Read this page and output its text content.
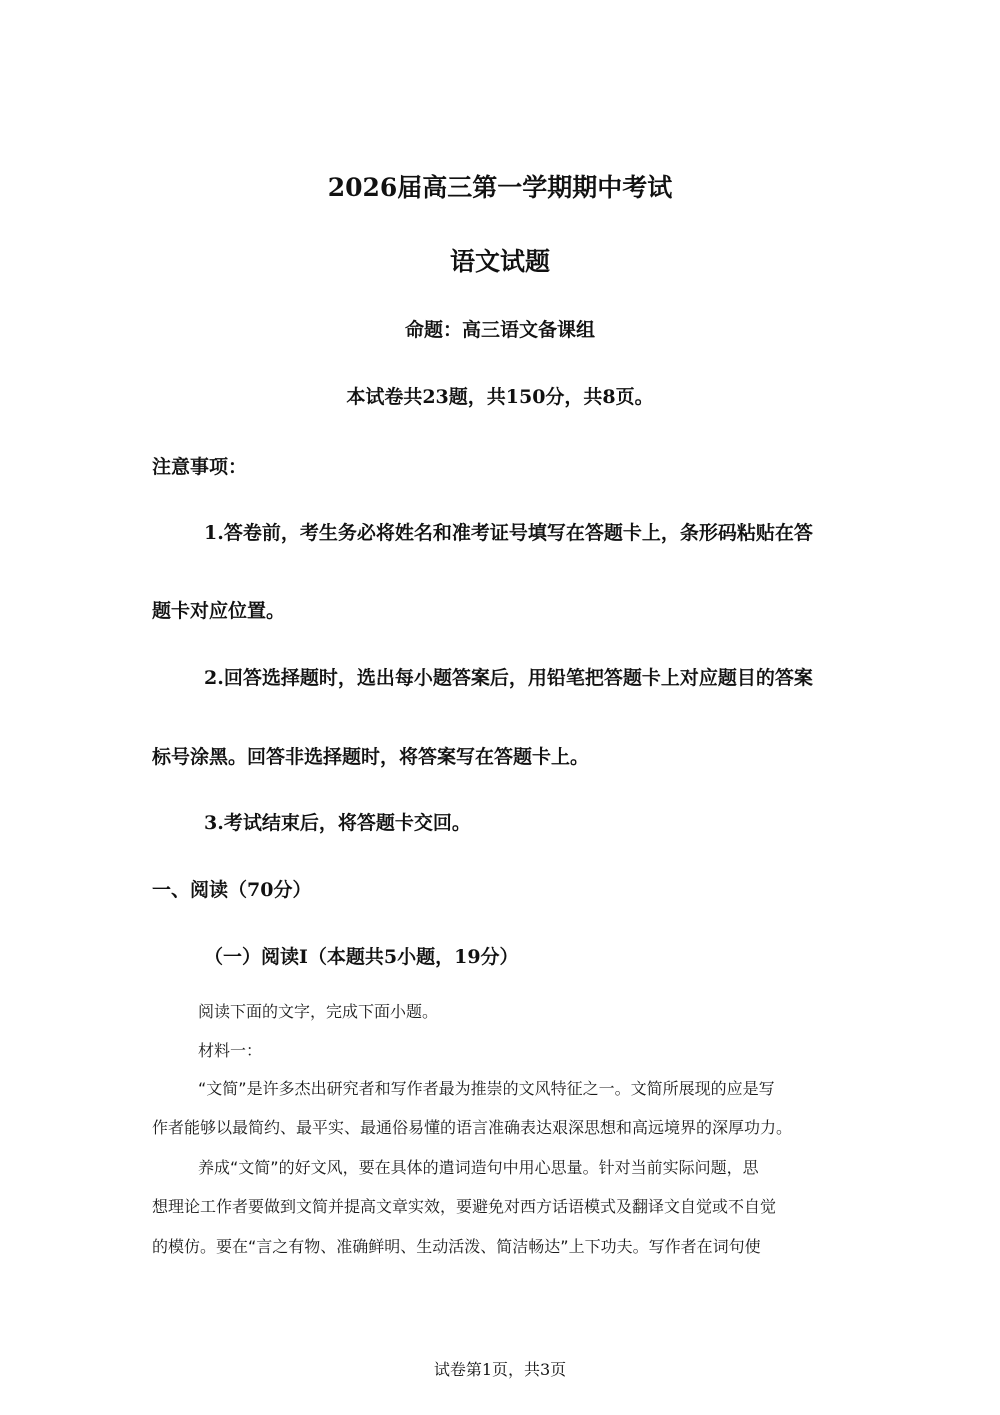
2026届高三第一学期期中考试
语文试题
命题：高三语文备课组
本试卷共23题，共150分，共8页。
注意事项：
1.答卷前，考生务必将姓名和准考证号填写在答题卡上，条形码粘贴在答
题卡对应位置。
2.回答选择题时，选出每小题答案后，用铅笔把答题卡上对应题目的答案
标号涂黑。回答非选择题时，将答案写在答题卡上。
3.考试结束后，将答题卡交回。
一、阅读（70分）
（一）阅读Ⅰ（本题共5小题，19分）
阅读下面的文字，完成下面小题。
材料一：
“文简”是许多杰出研究者和写作者最为推崇的文风特征之一。文简所展现的应是写
作者能够以最简约、最平实、最通俗易懂的语言准确表达艰深思想和高远境界的深厚功力。
养成“文简”的好文风，要在具体的遣词造句中用心思量。针对当前实际问题，思
想理论工作者要做到文简并提高文章实效，要避免对西方话语模式及翻译文自觉或不自觉
的模仿。要在“言之有物、准确鲜明、生动活泼、简洁畅达”上下功夫。写作者在词句使
试卷第1页，共3页
